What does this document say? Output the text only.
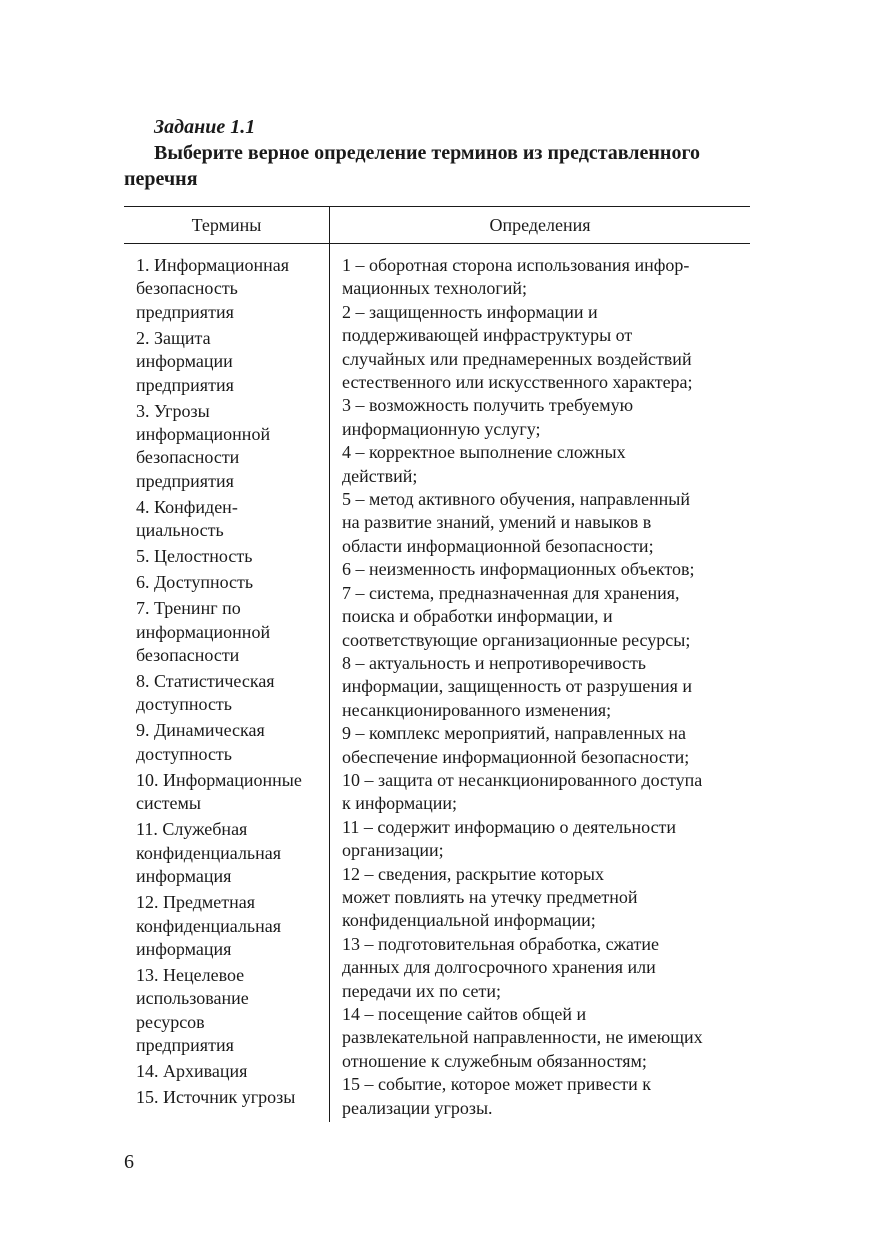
Задание 1.1

Выберите верное определение терминов из представленного перечня

Термины	Определения

1. Информационная
безопасность
предприятия
2. Защита
информации
предприятия
3. Угрозы
информационной
безопасности
предприятия
4. Конфиден-
циальность
5. Целостность
6. Доступность
7. Тренинг по
информационной
безопасности
8. Статистическая
доступность
9. Динамическая
доступность
10. Информационные
системы
11. Служебная
конфиденциальная
информация
12. Предметная
конфиденциальная
информация
13. Нецелевое
использование
ресурсов
предприятия
14. Архивация
15. Источник угрозы
1 – оборотная сторона использования инфор-
мационных технологий;
2 – защищенность информации и
поддерживающей инфраструктуры от
случайных или преднамеренных воздействий
естественного или искусственного характера;
3 – возможность получить требуемую
информационную услугу;
4 – корректное выполнение сложных
действий;
5 – метод активного обучения, направленный
на развитие знаний, умений и навыков в
области информационной безопасности;
6 – неизменность информационных объектов;
7 – система, предназначенная для хранения,
поиска и обработки информации, и
соответствующие организационные ресурсы;
8 – актуальность и непротиворечивость
информации, защищенность от разрушения и
несанкционированного изменения;
9 – комплекс мероприятий, направленных на
обеспечение информационной безопасности;
10 – защита от несанкционированного доступа
к информации;
11 – содержит информацию о деятельности
организации;
12 – сведения, раскрытие которых
может повлиять на утечку предметной
конфиденциальной информации;
13 – подготовительная обработка, сжатие
данных для долгосрочного хранения или
передачи их по сети;
14 – посещение сайтов общей и
развлекательной направленности, не имеющих
отношение к служебным обязанностям;
15 – событие, которое может привести к
реализации угрозы.

6
